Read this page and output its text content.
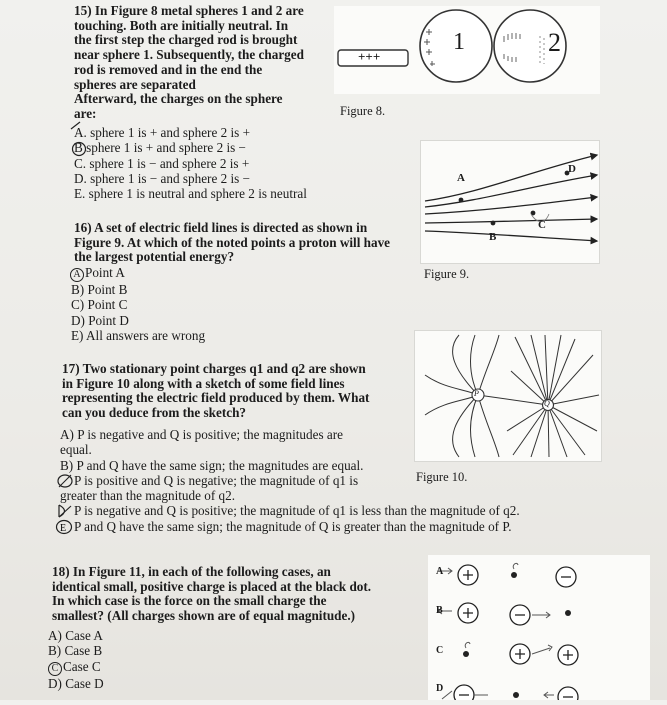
15) In Figure 8 metal spheres 1 and 2 are
touching. Both are initially neutral. In
the first step the charged rod is brought
near sphere 1. Subsequently, the charged
rod is removed and in the end the
spheres are separated
Afterward, the charges on the sphere
are:
A. sphere 1 is + and sphere 2 is +
B sphere 1 is + and sphere 2 is −
C. sphere 1 is − and sphere 2 is +
D. sphere 1 is − and sphere 2 is −
E. sphere 1 is neutral and sphere 2 is neutral
+++
1	2
Figure 8.
16) A set of electric field lines is directed as shown in
Figure 9. At which of the noted points a proton will have
the largest potential energy?
A Point A
B) Point B
C) Point C
D) Point D
E) All answers are wrong
A
B
C
D
Figure 9.
17) Two stationary point charges q1 and q2 are shown
in Figure 10 along with a sketch of some field lines
representing the electric field produced by them. What
can you deduce from the sketch?
A) P is negative and Q is positive; the magnitudes are
equal.
B) P and Q have the same sign; the magnitudes are equal.
P is positive and Q is negative; the magnitude of q1 is
greater than the magnitude of q2.
P is negative and Q is positive; the magnitude of q1 is less than the magnitude of q2.
E P and Q have the same sign; the magnitude of Q is greater than the magnitude of P.
P
Q
Figure 10.
18) In Figure 11, in each of the following cases, an
identical small, positive charge is placed at the black dot.
In which case is the force on the small charge the
smallest? (All charges shown are of equal magnitude.)
A) Case A
B) Case B
C Case C
D) Case D
A
B
C
D
